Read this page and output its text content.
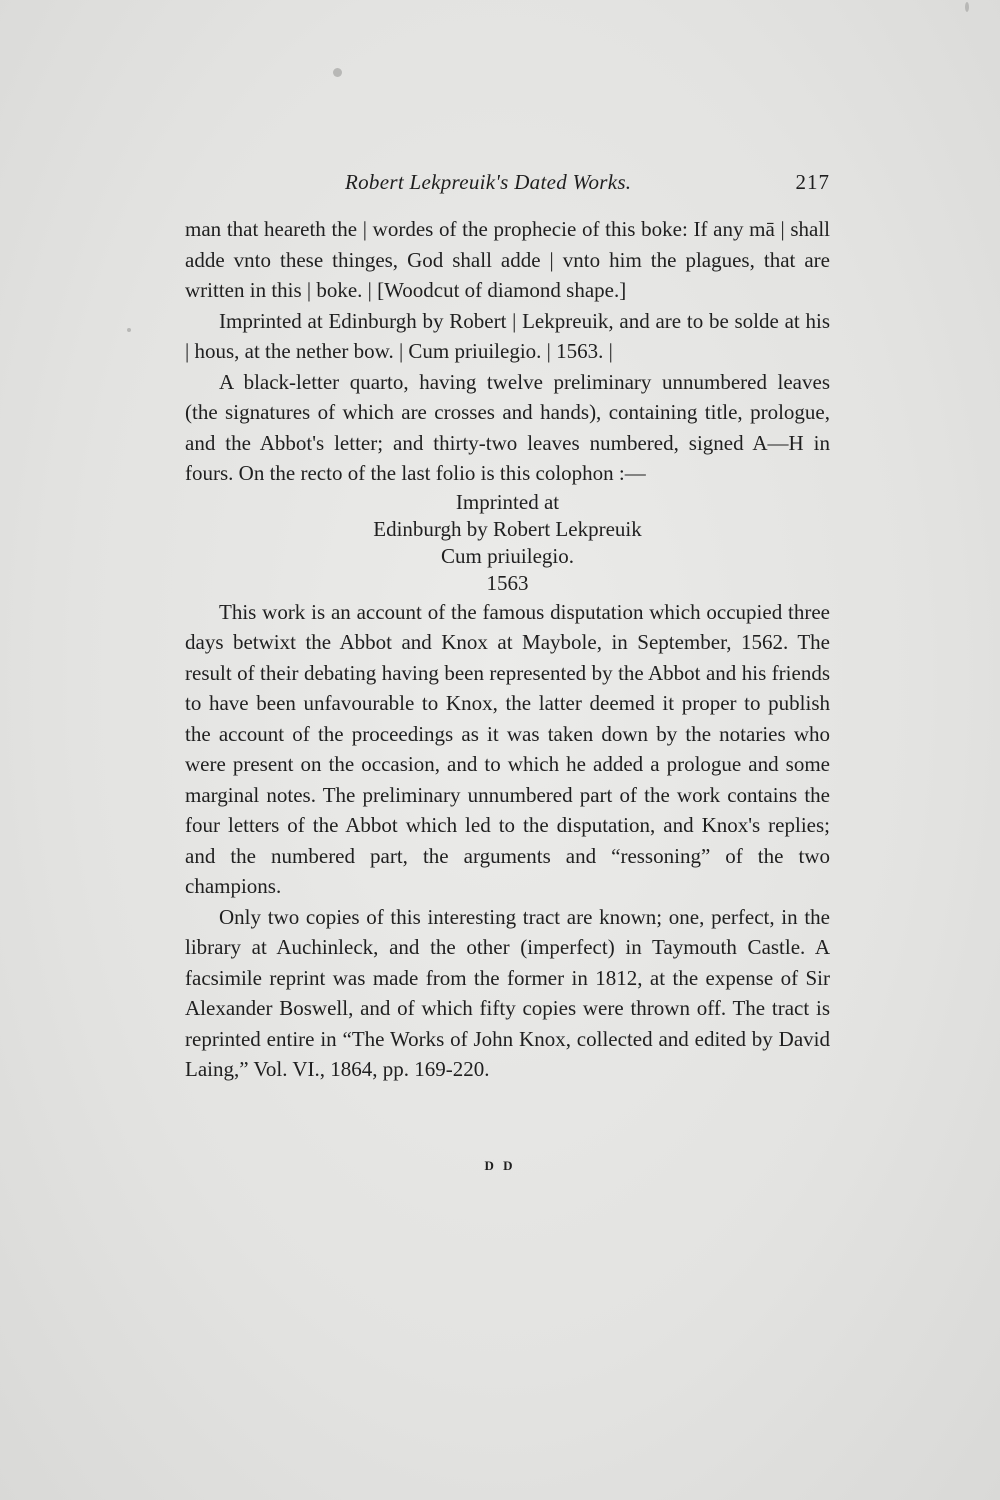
Robert Lekpreuik's Dated Works.	217

man that heareth the | wordes of the prophecie of this boke: If any mā | shall adde vnto these thinges, God shall adde | vnto him the plagues, that are written in this | boke. | [Woodcut of diamond shape.]

Imprinted at Edinburgh by Robert | Lekpreuik, and are to be solde at his | hous, at the nether bow. | Cum priuilegio. | 1563. |

A black-letter quarto, having twelve preliminary unnumbered leaves (the signatures of which are crosses and hands), containing title, prologue, and the Abbot's letter; and thirty-two leaves numbered, signed A—H in fours. On the recto of the last folio is this colophon :—

Imprinted at
Edinburgh by Robert Lekpreuik
Cum priuilegio.
1563

This work is an account of the famous disputation which occupied three days betwixt the Abbot and Knox at Maybole, in September, 1562. The result of their debating having been represented by the Abbot and his friends to have been unfavourable to Knox, the latter deemed it proper to publish the account of the proceedings as it was taken down by the notaries who were present on the occasion, and to which he added a prologue and some marginal notes. The preliminary unnumbered part of the work contains the four letters of the Abbot which led to the disputation, and Knox's replies; and the numbered part, the arguments and “ressoning” of the two champions.

Only two copies of this interesting tract are known; one, perfect, in the library at Auchinleck, and the other (imperfect) in Taymouth Castle. A facsimile reprint was made from the former in 1812, at the expense of Sir Alexander Boswell, and of which fifty copies were thrown off. The tract is reprinted entire in “The Works of John Knox, collected and edited by David Laing,” Vol. VI., 1864, pp. 169-220.

D D
